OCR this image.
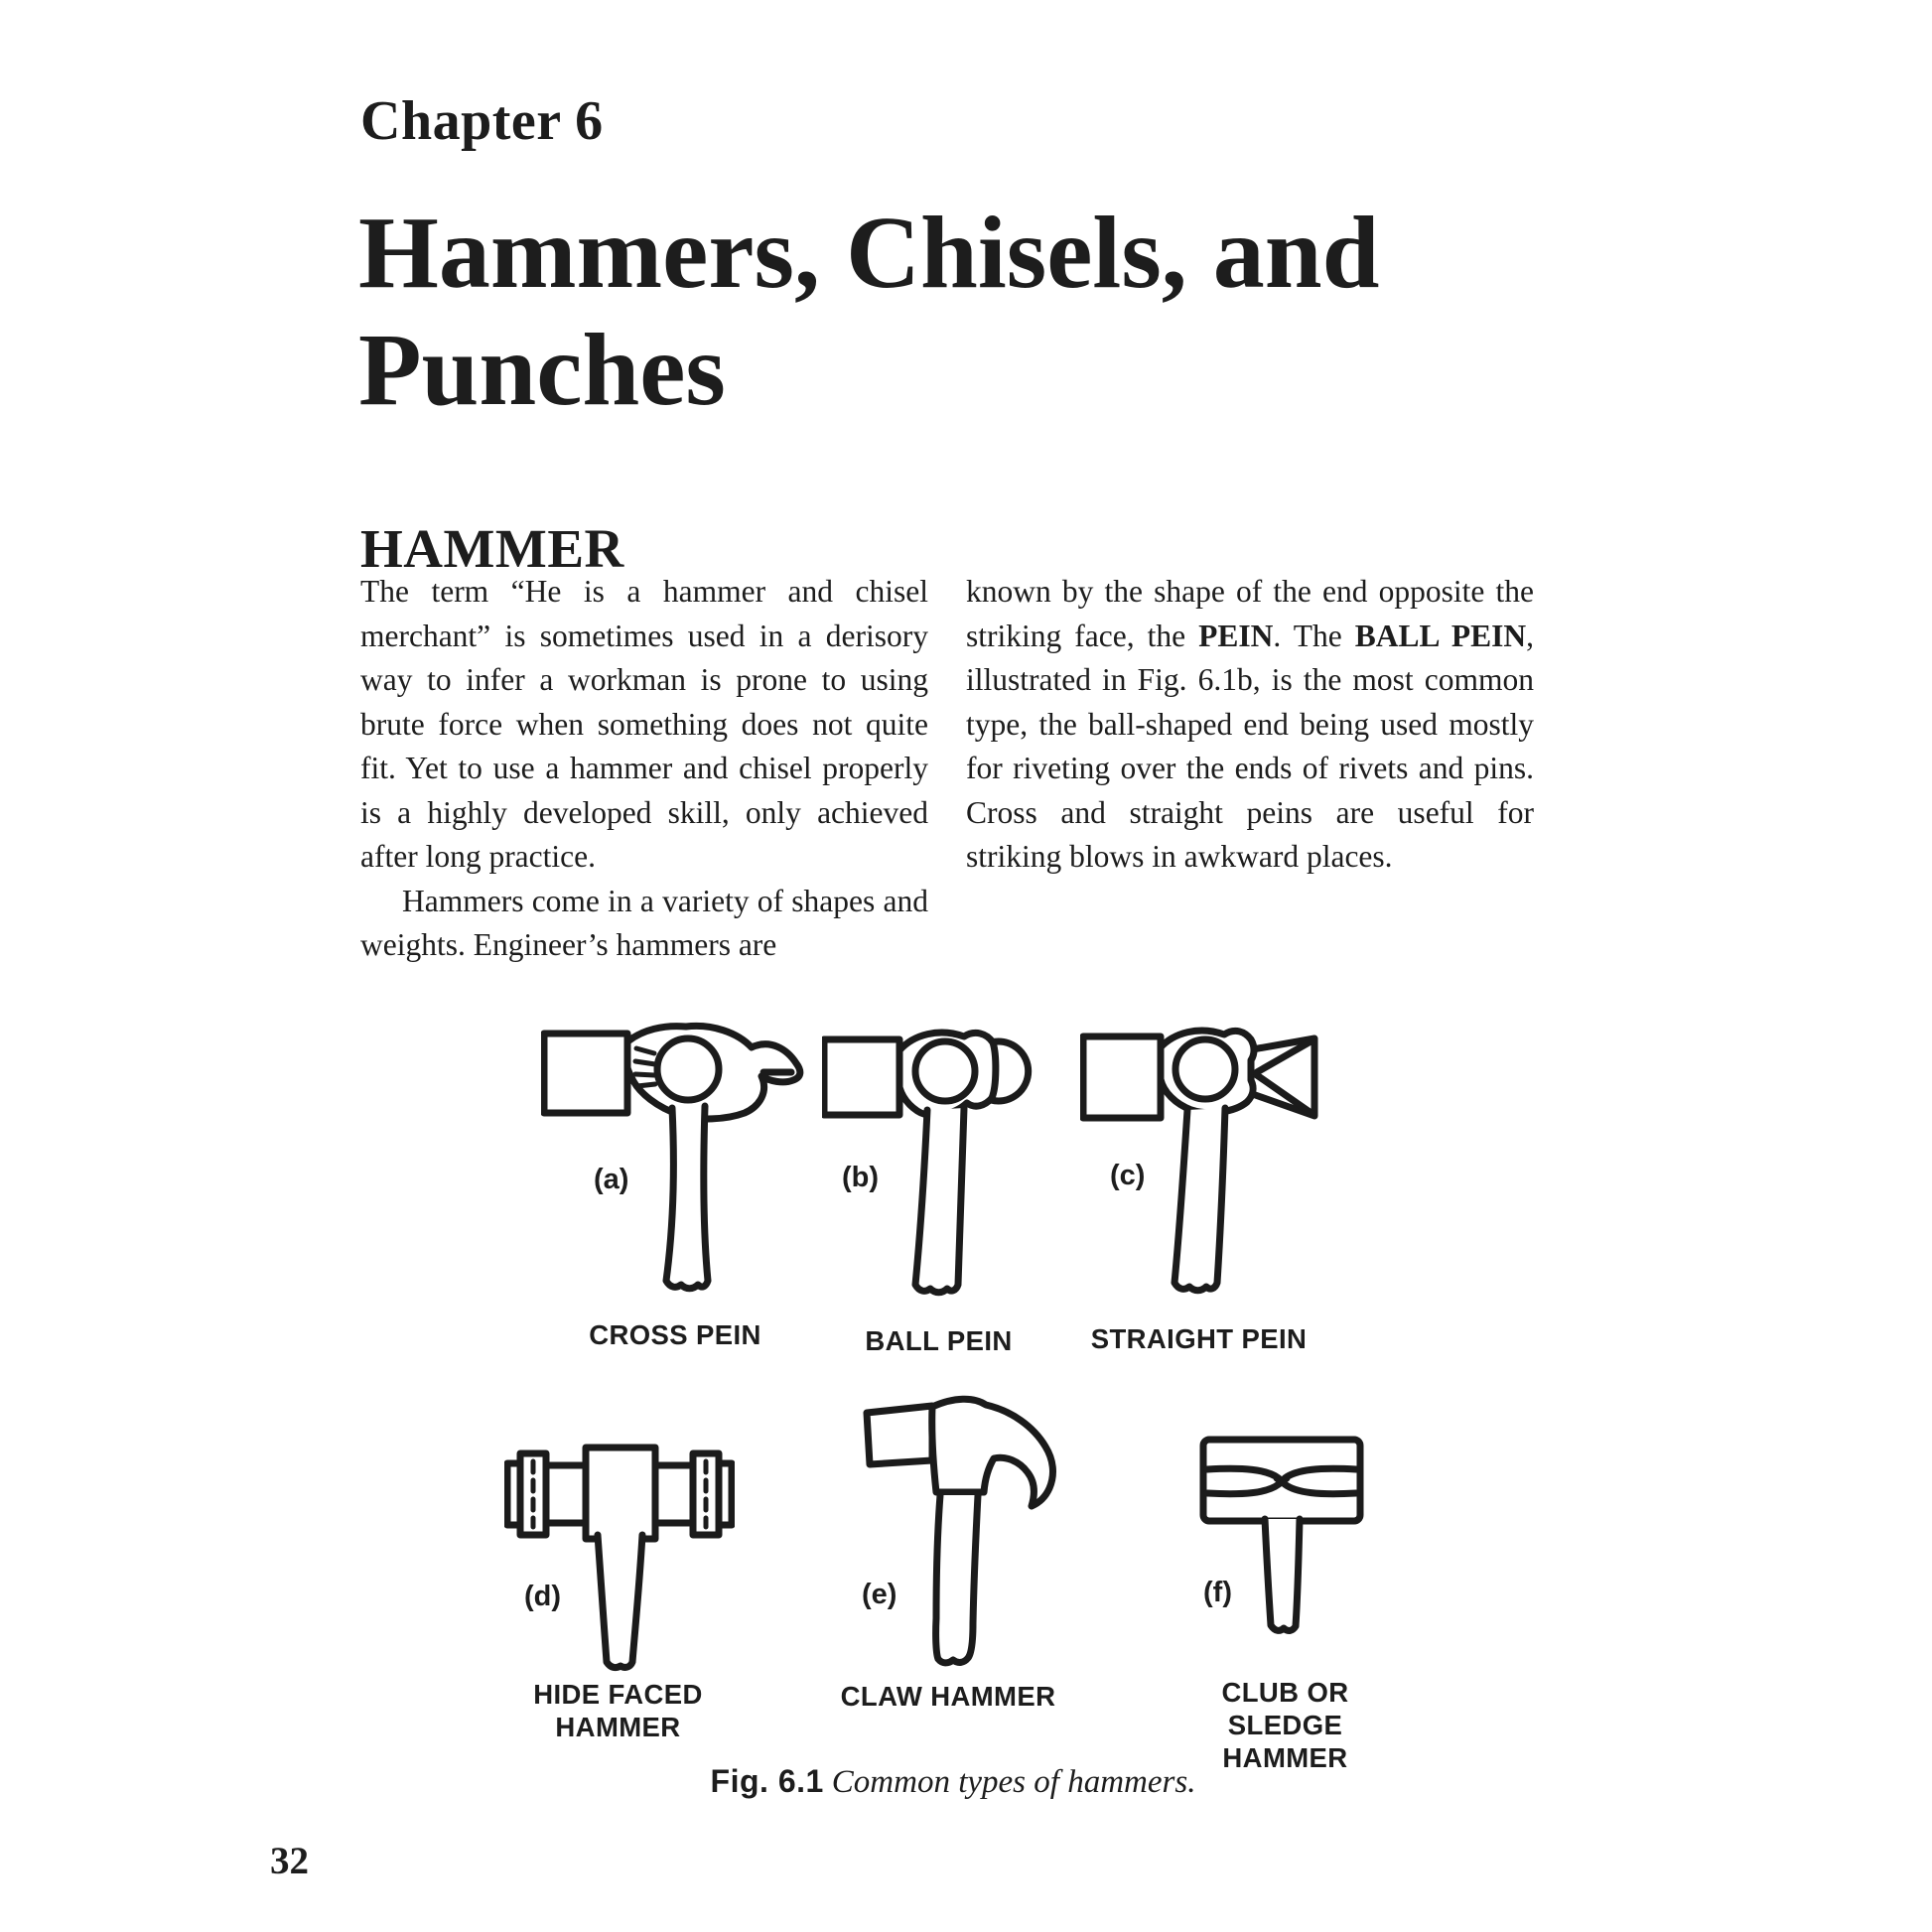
Chapter 6
Hammers, Chisels, and
Punches
HAMMER

The term “He is a hammer and chisel merchant” is sometimes used in a derisory way to infer a workman is prone to using brute force when something does not quite fit. Yet to use a hammer and chisel properly is a highly developed skill, only achieved after long practice.

Hammers come in a variety of shapes and weights. Engineer’s hammers are

known by the shape of the end opposite the striking face, the PEIN. The BALL PEIN, illustrated in Fig. 6.1b, is the most common type, the ball-shaped end being used mostly for riveting over the ends of rivets and pins. Cross and straight peins are useful for striking blows in awkward places.

(a)
CROSS PEIN
(b)
BALL PEIN
(c)
STRAIGHT PEIN
(d)
HIDE FACED HAMMER
(e)
CLAW HAMMER
(f)
CLUB OR SLEDGE HAMMER
Fig. 6.1 Common types of hammers.
32
